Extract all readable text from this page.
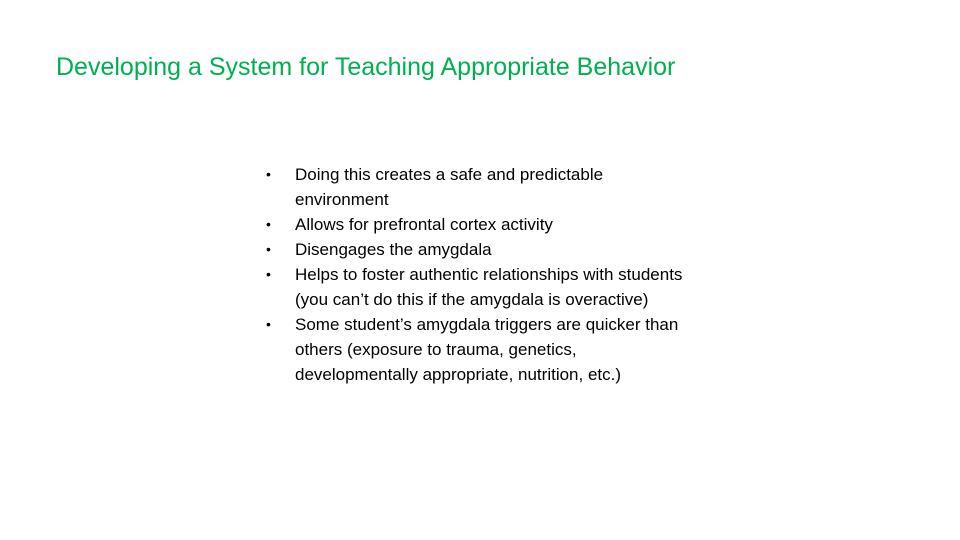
Developing a System for Teaching Appropriate Behavior
• Doing this creates a safe and predictable environment
• Allows for prefrontal cortex activity
• Disengages the amygdala
• Helps to foster authentic relationships with students (you can’t do this if the amygdala is overactive)
• Some student’s amygdala triggers are quicker than others (exposure to trauma, genetics, developmentally appropriate, nutrition, etc.)
